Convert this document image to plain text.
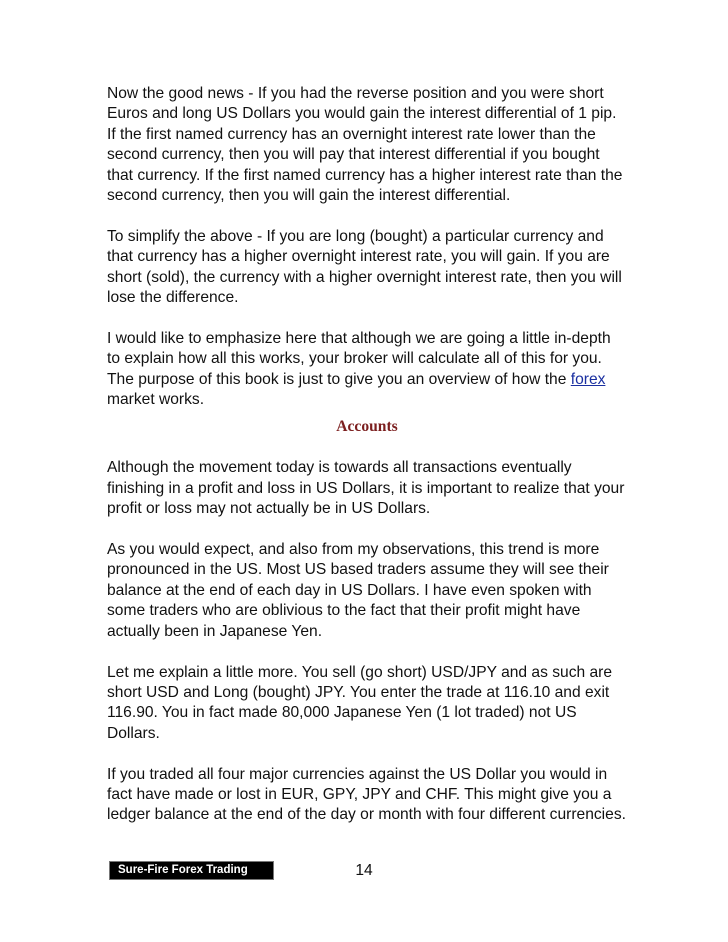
Now the good news - If you had the reverse position and you were short Euros and long US Dollars you would gain the interest differential of 1 pip. If the first named currency has an overnight interest rate lower than the second currency, then you will pay that interest differential if you bought that currency. If the first named currency has a higher interest rate than the second currency, then you will gain the interest differential.

To simplify the above - If you are long (bought) a particular currency and that currency has a higher overnight interest rate, you will gain. If you are short (sold), the currency with a higher overnight interest rate, then you will lose the difference.

I would like to emphasize here that although we are going a little in-depth to explain how all this works, your broker will calculate all of this for you. The purpose of this book is just to give you an overview of how the forex market works.

Accounts

Although the movement today is towards all transactions eventually finishing in a profit and loss in US Dollars, it is important to realize that your profit or loss may not actually be in US Dollars.

As you would expect, and also from my observations, this trend is more pronounced in the US. Most US based traders assume they will see their balance at the end of each day in US Dollars. I have even spoken with some traders who are oblivious to the fact that their profit might have actually been in Japanese Yen.

Let me explain a little more. You sell (go short) USD/JPY and as such are short USD and Long (bought) JPY. You enter the trade at 116.10 and exit 116.90. You in fact made 80,000 Japanese Yen (1 lot traded) not US Dollars.

If you traded all four major currencies against the US Dollar you would in fact have made or lost in EUR, GPY, JPY and CHF. This might give you a ledger balance at the end of the day or month with four different currencies.

Sure-Fire Forex Trading	14
